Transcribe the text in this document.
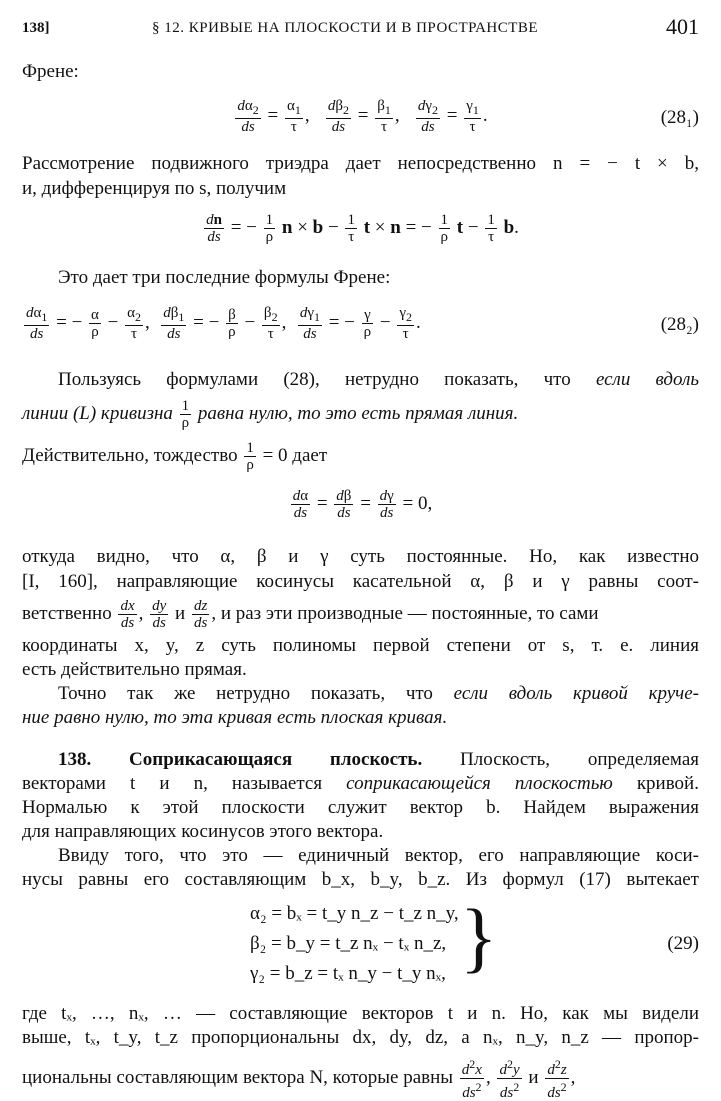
138]	§ 12. КРИВЫЕ НА ПЛОСКОСТИ И В ПРОСТРАНСТВЕ	401
Френе:
$\frac{d\alpha_2}{ds} = \frac{\alpha_1}{\tau}$ , $\frac{d\beta_2}{ds} = \frac{\beta_1}{\tau}$ , $\frac{d\gamma_2}{ds} = \frac{\gamma_1}{\tau}$ .	(28₁)
Рассмотрение подвижного триэдра дает непосредственно n = − t × b,
и, дифференцируя по s, получим
$\frac{dn}{ds}$ = − $\frac{1}{\rho}$ $n \times b - \frac{1}{\tau}$ t × n = − $\frac{1}{\rho}$ $t - \frac{1}{\tau} b$.
Это дает три последние формулы Френе:
$\frac{d\alpha_1}{ds}$ = − $\frac{\alpha}{\rho} - \frac{\alpha_2}{\tau}$ , $\frac{d\beta_1}{ds}$ = − $\frac{\beta}{\rho} - \frac{\beta_2}{\tau}$ , $\frac{d\gamma_1}{ds}$ = − $\frac{\gamma}{\rho} - \frac{\gamma_2}{\tau}$ .	(28₂)
Пользуясь формулами (28), нетрудно показать, что если вдоль
линии (L) кривизна $\frac{1}{\rho}$ равна нулю, то это есть прямая линия.
Действительно, тождество $\frac{1}{\rho} = 0$ дает
$\frac{d\alpha}{ds} = \frac{d\beta}{ds} = \frac{d\gamma}{ds} = 0$,
откуда видно, что α, β и γ суть постоянные. Но, как известно
[I, 160], направляющие косинусы касательной α, β и γ равны соот-
ветственно $\frac{dx}{ds}$ , $\frac{dy}{ds}$ и $\frac{dz}{ds}$ , и раз эти производные — постоянные, то сами
координаты x, y, z суть полиномы первой степени от s, т. е. линия
есть действительно прямая.
Точно так же нетрудно показать, что если вдоль кривой круче-
ние равно нулю, то эта кривая есть плоская кривая.
138. Соприкасающаяся плоскость. Плоскость, определяемая
векторами t и n, называется соприкасающейся плоскостью кривой.
Нормалью к этой плоскости служит вектор b. Найдем выражения
для направляющих косинусов этого вектора.
Ввиду того, что это — единичный вектор, его направляющие коси-
нусы равны его составляющим b_x, b_y, b_z. Из формул (17) вытекает
α₂ = bₓ = t_y n_z − t_z n_y,
β₂ = b_y = t_z nₓ − tₓ n_z,
γ₂ = b_z = tₓ n_y − t_y nₓ, }	(29)
где tₓ, …, nₓ, … — составляющие векторов t и n. Но, как мы видели
выше, tₓ, t_y, t_z пропорциональны dx, dy, dz, а nₓ, n_y, n_z — пропор-
циональны составляющим вектора N, которые равны $\frac{d^2x}{ds^2}$ , $\frac{d^2y}{ds^2}$ и $\frac{d^2z}{ds^2}$ ,
